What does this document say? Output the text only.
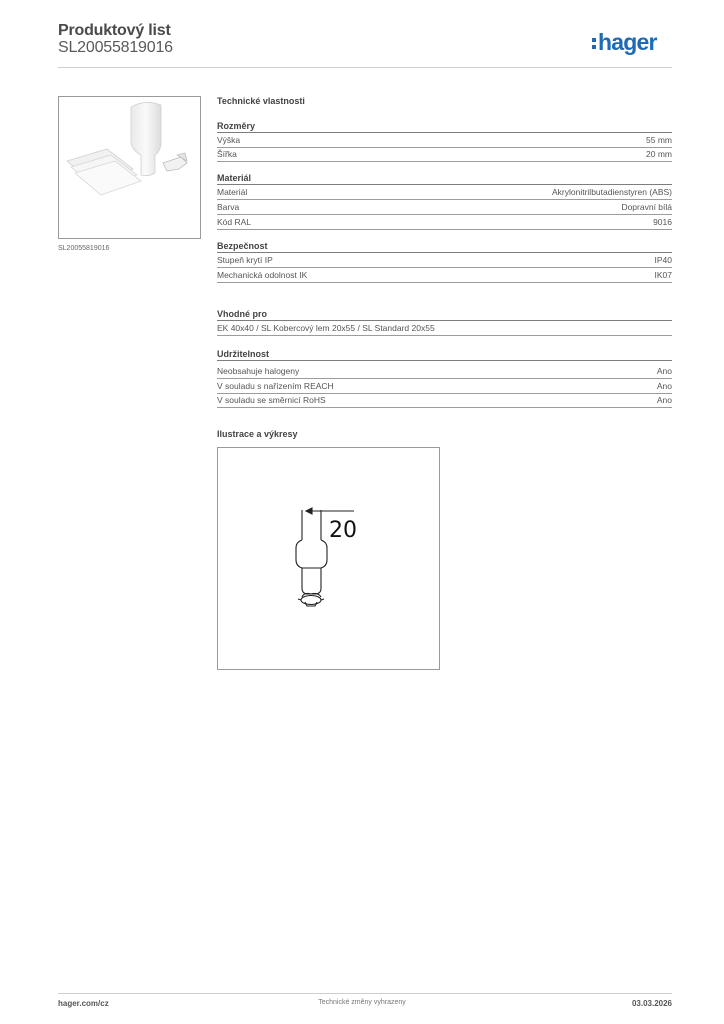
Produktový list
SL20055819016	hager
SL20055819016
Technické vlastnosti
Rozměry
Výška	55 mm
Šířka	20 mm
Materiál
Materiál	Akrylonitrilbutadienstyren (ABS)
Barva	Dopravní bílá
Kód RAL	9016
Bezpečnost
Stupeň krytí IP	IP40
Mechanická odolnost IK	IK07
Vhodné pro
EK 40x40 / SL Kobercový lem 20x55 / SL Standard 20x55
Udržitelnost
Neobsahuje halogeny	Ano
V souladu s nařízením REACH	Ano
V souladu se směrnicí RoHS	Ano
Ilustrace a výkresy
20
hager.com/cz	Technické změny vyhrazeny	03.03.2026
